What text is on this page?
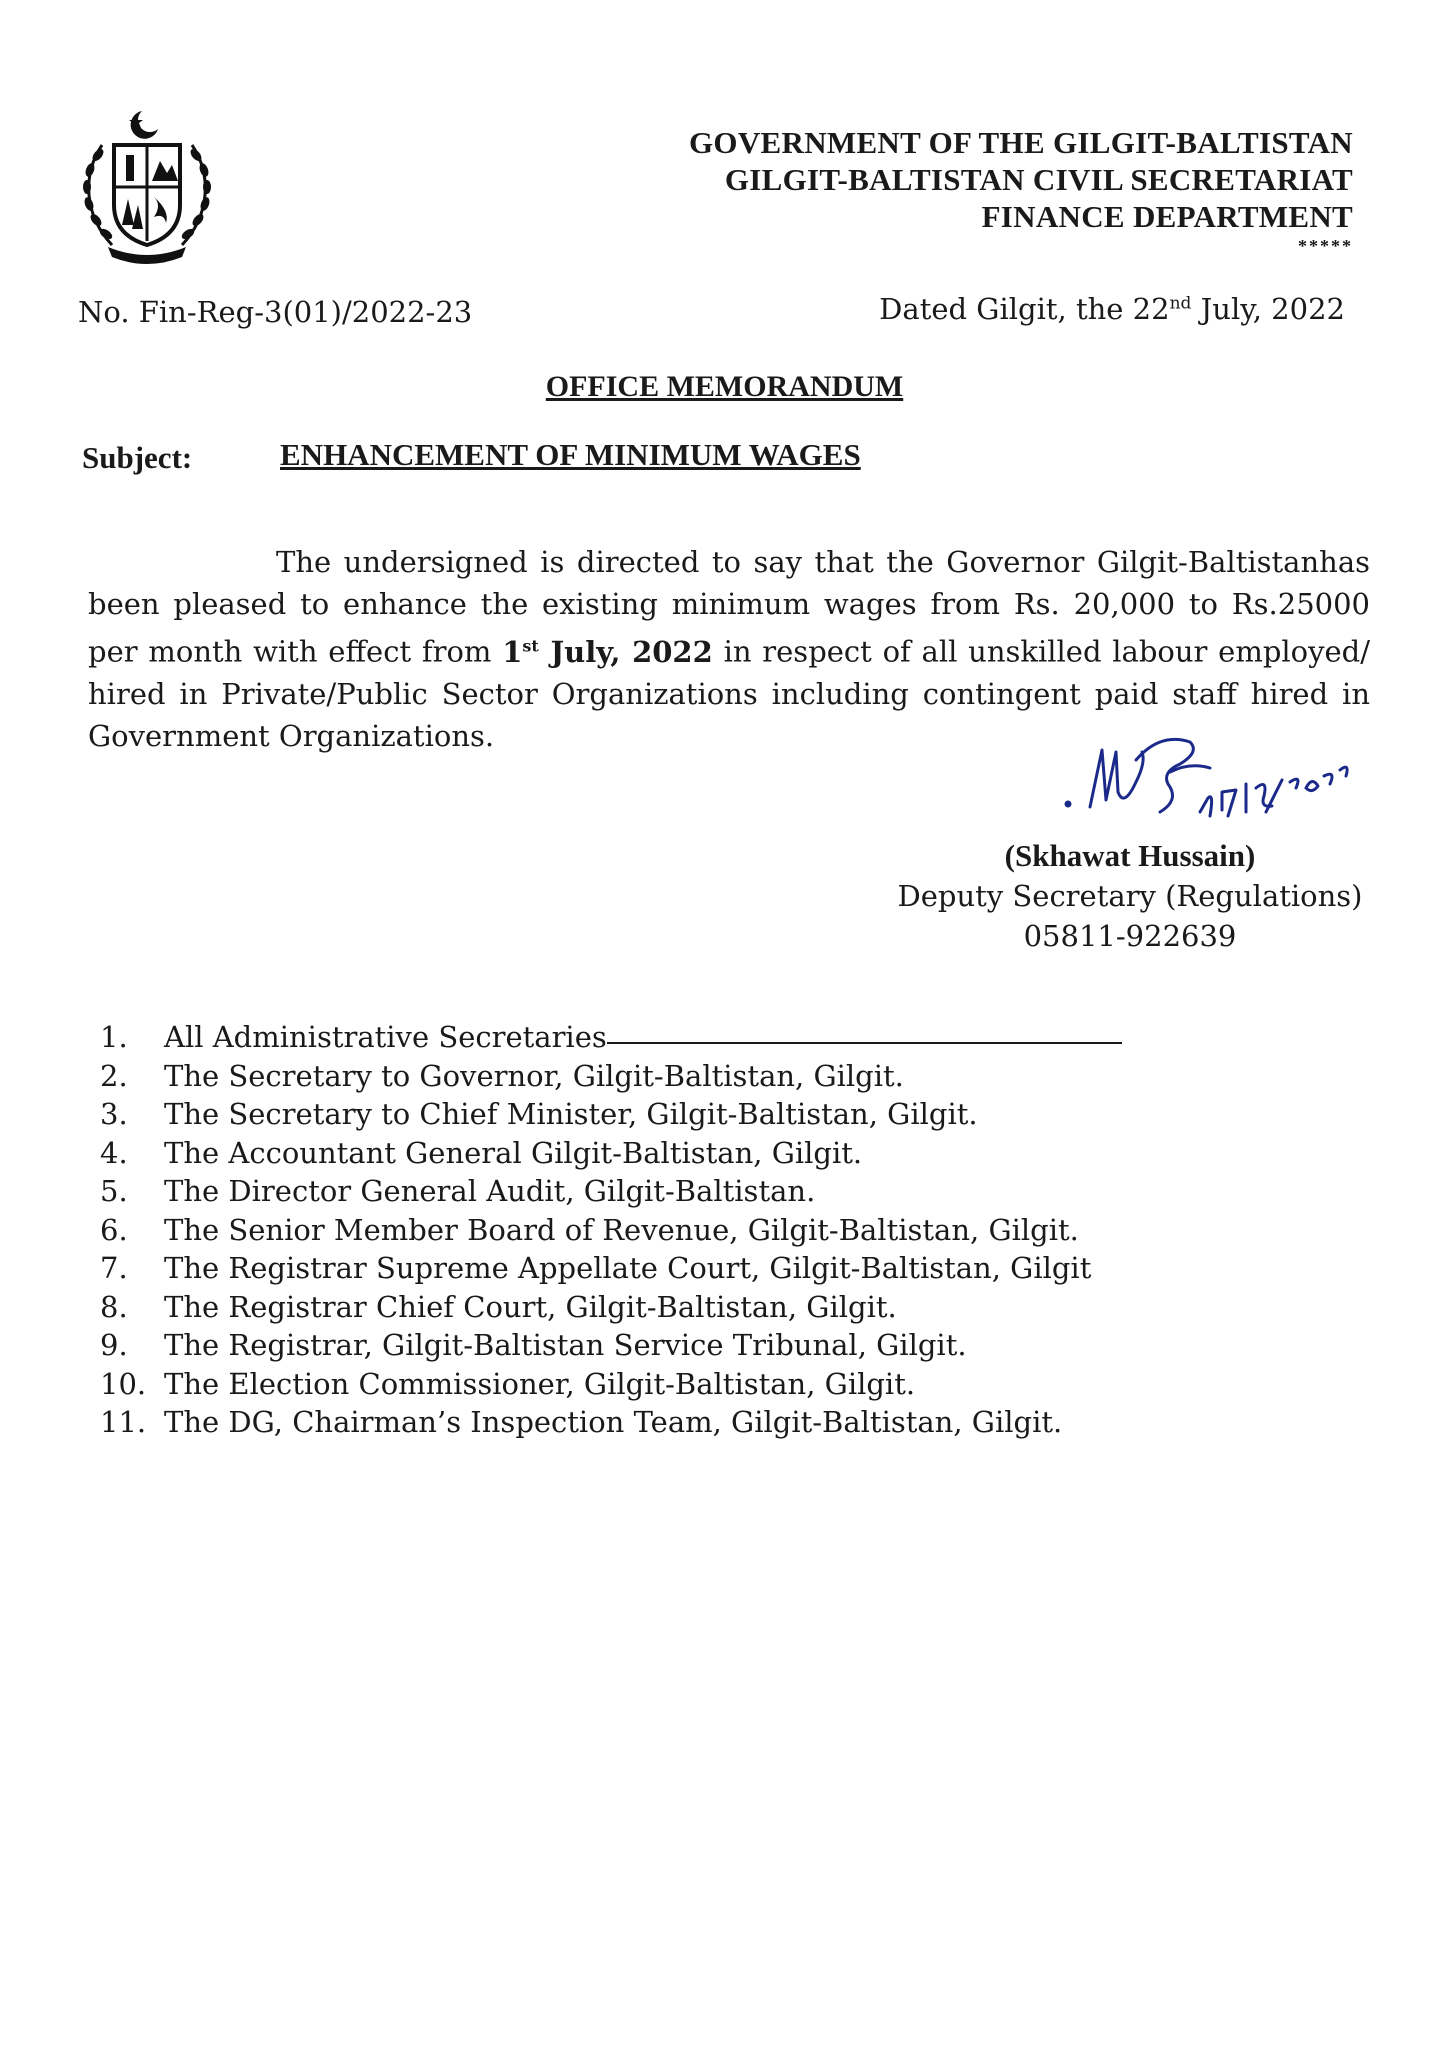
GOVERNMENT OF THE GILGIT-BALTISTAN
GILGIT-BALTISTAN CIVIL SECRETARIAT
FINANCE DEPARTMENT
*****
No. Fin-Reg-3(01)/2022-23	Dated Gilgit, the 22nd July, 2022
OFFICE MEMORANDUM
Subject:	ENHANCEMENT OF MINIMUM WAGES

The undersigned is directed to say that the Governor Gilgit-Baltistanhas been pleased to enhance the existing minimum wages from Rs. 20,000 to Rs.25000 per month with effect from 1st July, 2022 in respect of all unskilled labour employed/ hired in Private/Public Sector Organizations including contingent paid staff hired in Government Organizations.

(Skhawat Hussain)
Deputy Secretary (Regulations)
05811-922639
1.	All Administrative Secretaries
2.	The Secretary to Governor, Gilgit-Baltistan, Gilgit.
3.	The Secretary to Chief Minister, Gilgit-Baltistan, Gilgit.
4.	The Accountant General Gilgit-Baltistan, Gilgit.
5.	The Director General Audit, Gilgit-Baltistan.
6.	The Senior Member Board of Revenue, Gilgit-Baltistan, Gilgit.
7.	The Registrar Supreme Appellate Court, Gilgit-Baltistan, Gilgit
8.	The Registrar Chief Court, Gilgit-Baltistan, Gilgit.
9.	The Registrar, Gilgit-Baltistan Service Tribunal, Gilgit.
10. The Election Commissioner, Gilgit-Baltistan, Gilgit.
11. The DG, Chairman’s Inspection Team, Gilgit-Baltistan, Gilgit.
